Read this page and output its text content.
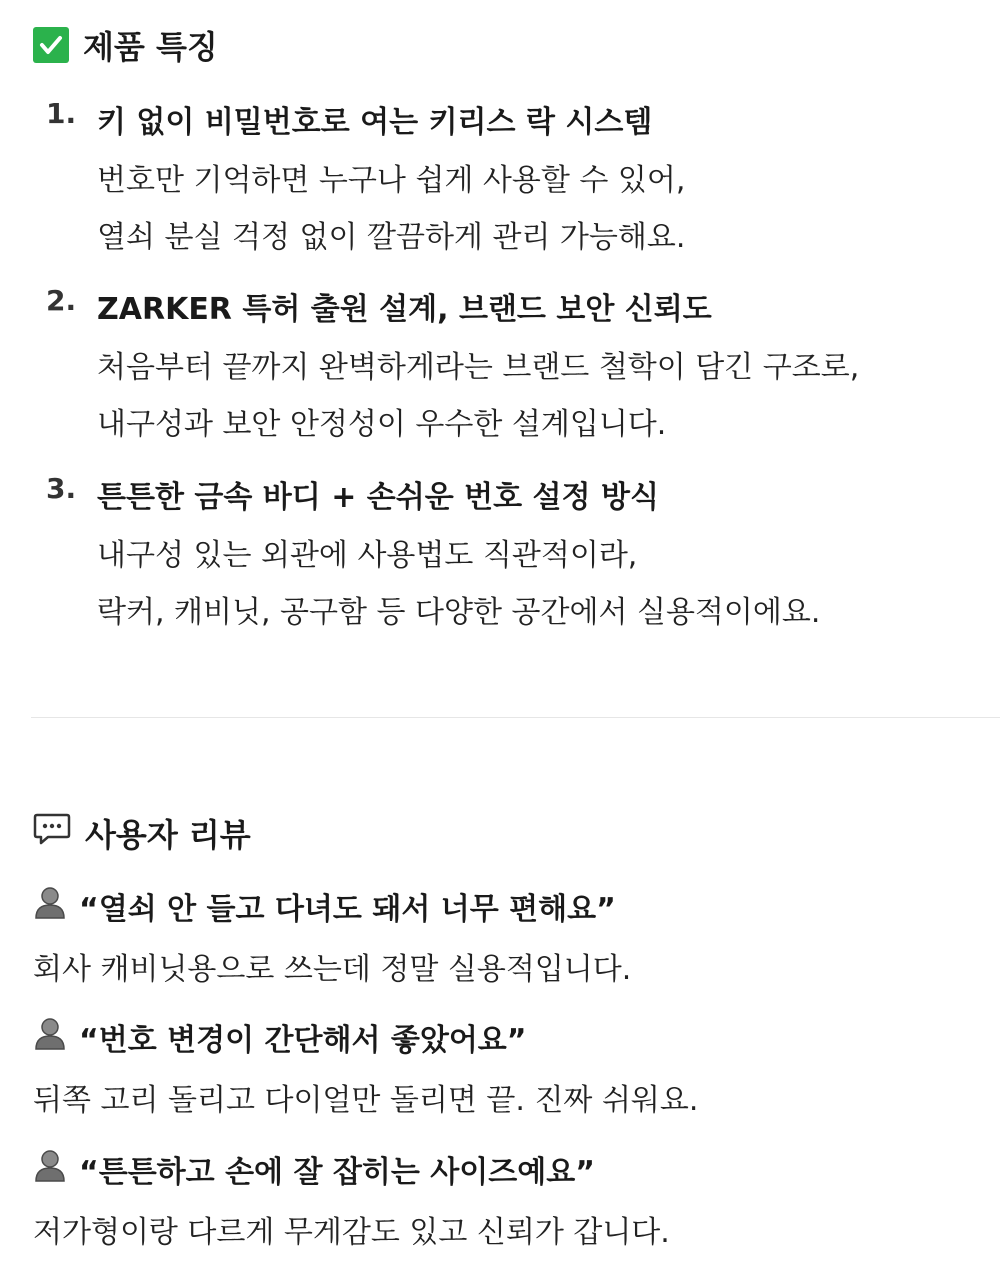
제품 특징
1. 키 없이 비밀번호로 여는 키리스 락 시스템
번호만 기억하면 누구나 쉽게 사용할 수 있어,
열쇠 분실 걱정 없이 깔끔하게 관리 가능해요.
2. ZARKER 특허 출원 설계, 브랜드 보안 신뢰도
처음부터 끝까지 완벽하게라는 브랜드 철학이 담긴 구조로,
내구성과 보안 안정성이 우수한 설계입니다.
3. 튼튼한 금속 바디 + 손쉬운 번호 설정 방식
내구성 있는 외관에 사용법도 직관적이라,
락커, 캐비닛, 공구함 등 다양한 공간에서 실용적이에요.
사용자 리뷰
“열쇠 안 들고 다녀도 돼서 너무 편해요”
회사 캐비닛용으로 쓰는데 정말 실용적입니다.
“번호 변경이 간단해서 좋았어요”
뒤쪽 고리 돌리고 다이얼만 돌리면 끝. 진짜 쉬워요.
“튼튼하고 손에 잘 잡히는 사이즈예요”
저가형이랑 다르게 무게감도 있고 신뢰가 갑니다.
